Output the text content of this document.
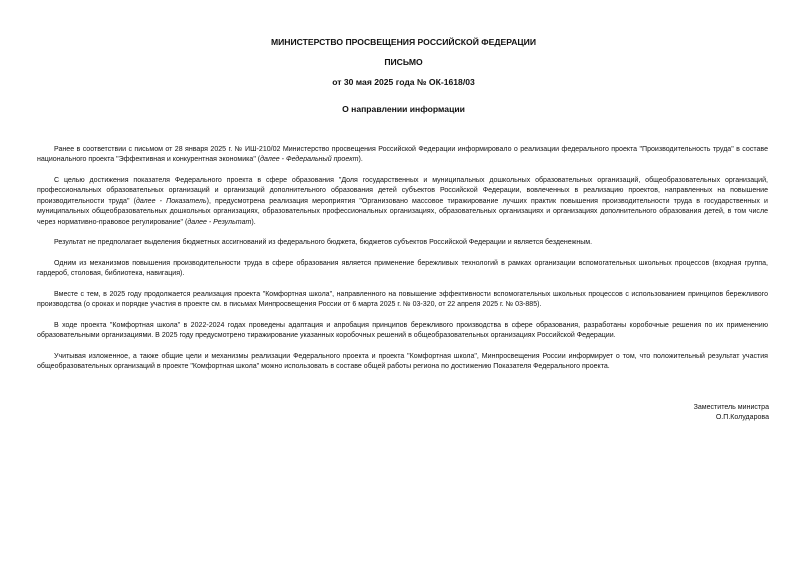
МИНИСТЕРСТВО ПРОСВЕЩЕНИЯ РОССИЙСКОЙ ФЕДЕРАЦИИ
ПИСЬМО
от 30 мая 2025 года № ОК-1618/03
О направлении информации

Ранее в соответствии с письмом от 28 января 2025 г. № ИШ-210/02 Министерство просвещения Российской Федерации информировало о реализации федерального проекта "Производительность труда" в составе национального проекта "Эффективная и конкурентная экономика" (далее - Федеральный проект).

С целью достижения показателя Федерального проекта в сфере образования "Доля государственных и муниципальных дошкольных образовательных организаций, общеобразовательных организаций, профессиональных образовательных организаций и организаций дополнительного образования детей субъектов Российской Федерации, вовлеченных в реализацию проектов, направленных на повышение производительности труда" (далее - Показатель), предусмотрена реализация мероприятия "Организовано массовое тиражирование лучших практик повышения производительности труда в государственных и муниципальных общеобразовательных дошкольных организациях, образовательных профессиональных организациях, образовательных организациях и организациях дополнительного образования детей, в том числе через нормативно-правовое регулирование" (далее - Результат).

Результат не предполагает выделения бюджетных ассигнований из федерального бюджета, бюджетов субъектов Российской Федерации и является безденежным.

Одним из механизмов повышения производительности труда в сфере образования является применение бережливых технологий в рамках организации вспомогательных школьных процессов (входная группа, гардероб, столовая, библиотека, навигация).

Вместе с тем, в 2025 году продолжается реализация проекта "Комфортная школа", направленного на повышение эффективности вспомогательных школьных процессов с использованием принципов бережливого производства (о сроках и порядке участия в проекте см. в письмах Минпросвещения России от 6 марта 2025 г. № 03-320, от 22 апреля 2025 г. № 03-885).

В ходе проекта "Комфортная школа" в 2022-2024 годах проведены адаптация и апробация принципов бережливого производства в сфере образования, разработаны коробочные решения по их применению образовательными организациями. В 2025 году предусмотрено тиражирование указанных коробочных решений в общеобразовательных организациях Российской Федерации.

Учитывая изложенное, а также общие цели и механизмы реализации Федерального проекта и проекта "Комфортная школа", Минпросвещения России информирует о том, что положительный результат участия общеобразовательных организаций в проекте "Комфортная школа" можно использовать в составе общей работы региона по достижению Показателя Федерального проекта.

Заместитель министра
О.П.Колударова
